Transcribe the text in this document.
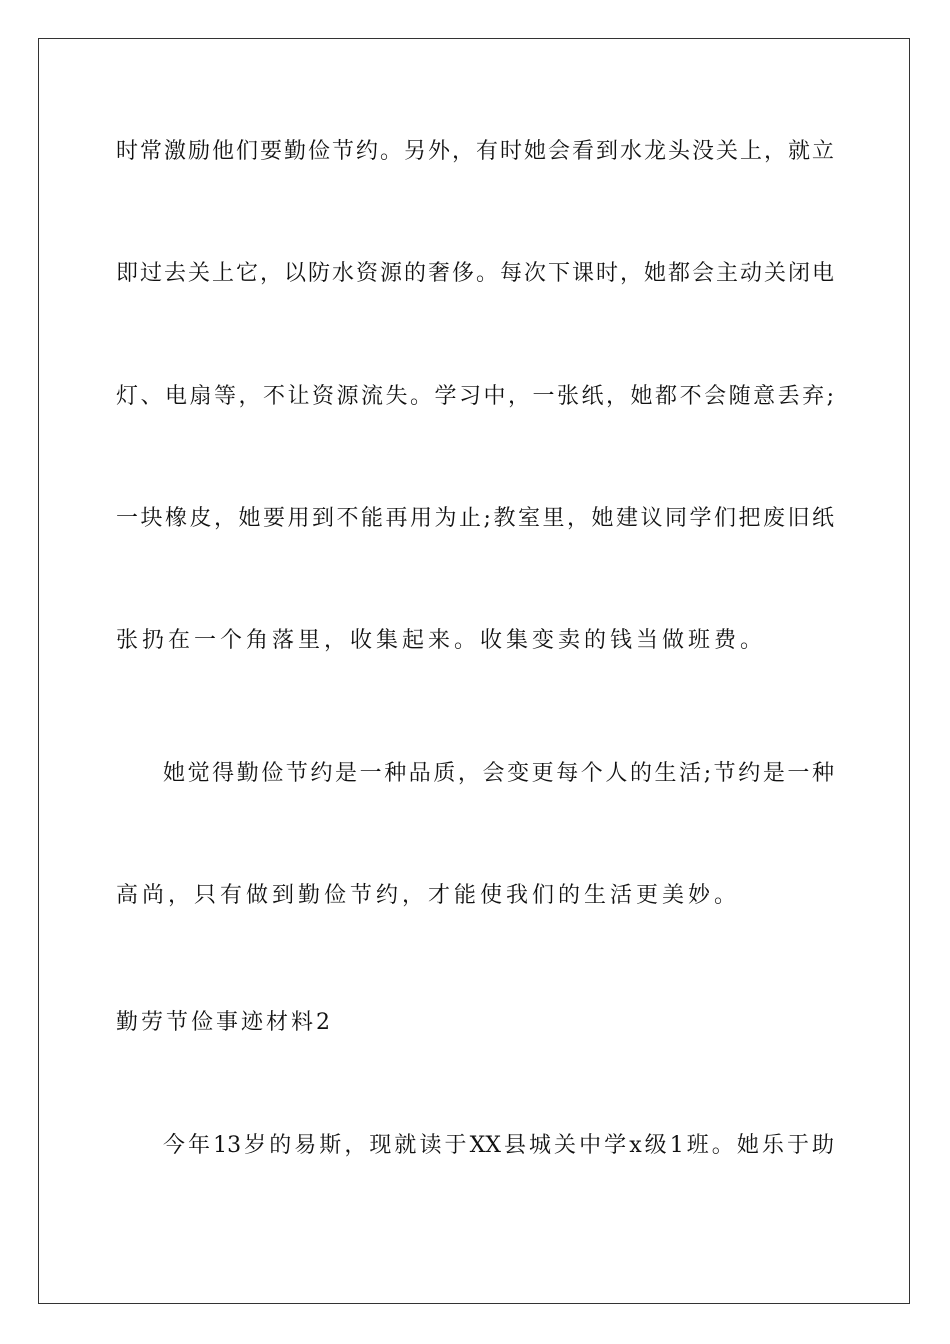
时常激励他们要勤俭节约。另外，有时她会看到水龙头没关上，就立
即过去关上它，以防水资源的奢侈。每次下课时，她都会主动关闭电
灯、电扇等，不让资源流失。学习中，一张纸，她都不会随意丢弃;
一块橡皮，她要用到不能再用为止;教室里，她建议同学们把废旧纸
张扔在一个角落里，收集起来。收集变卖的钱当做班费。
她觉得勤俭节约是一种品质，会变更每个人的生活;节约是一种
高尚，只有做到勤俭节约，才能使我们的生活更美妙。
勤劳节俭事迹材料2
今年13岁的易斯，现就读于XX县城关中学x级1班。她乐于助
